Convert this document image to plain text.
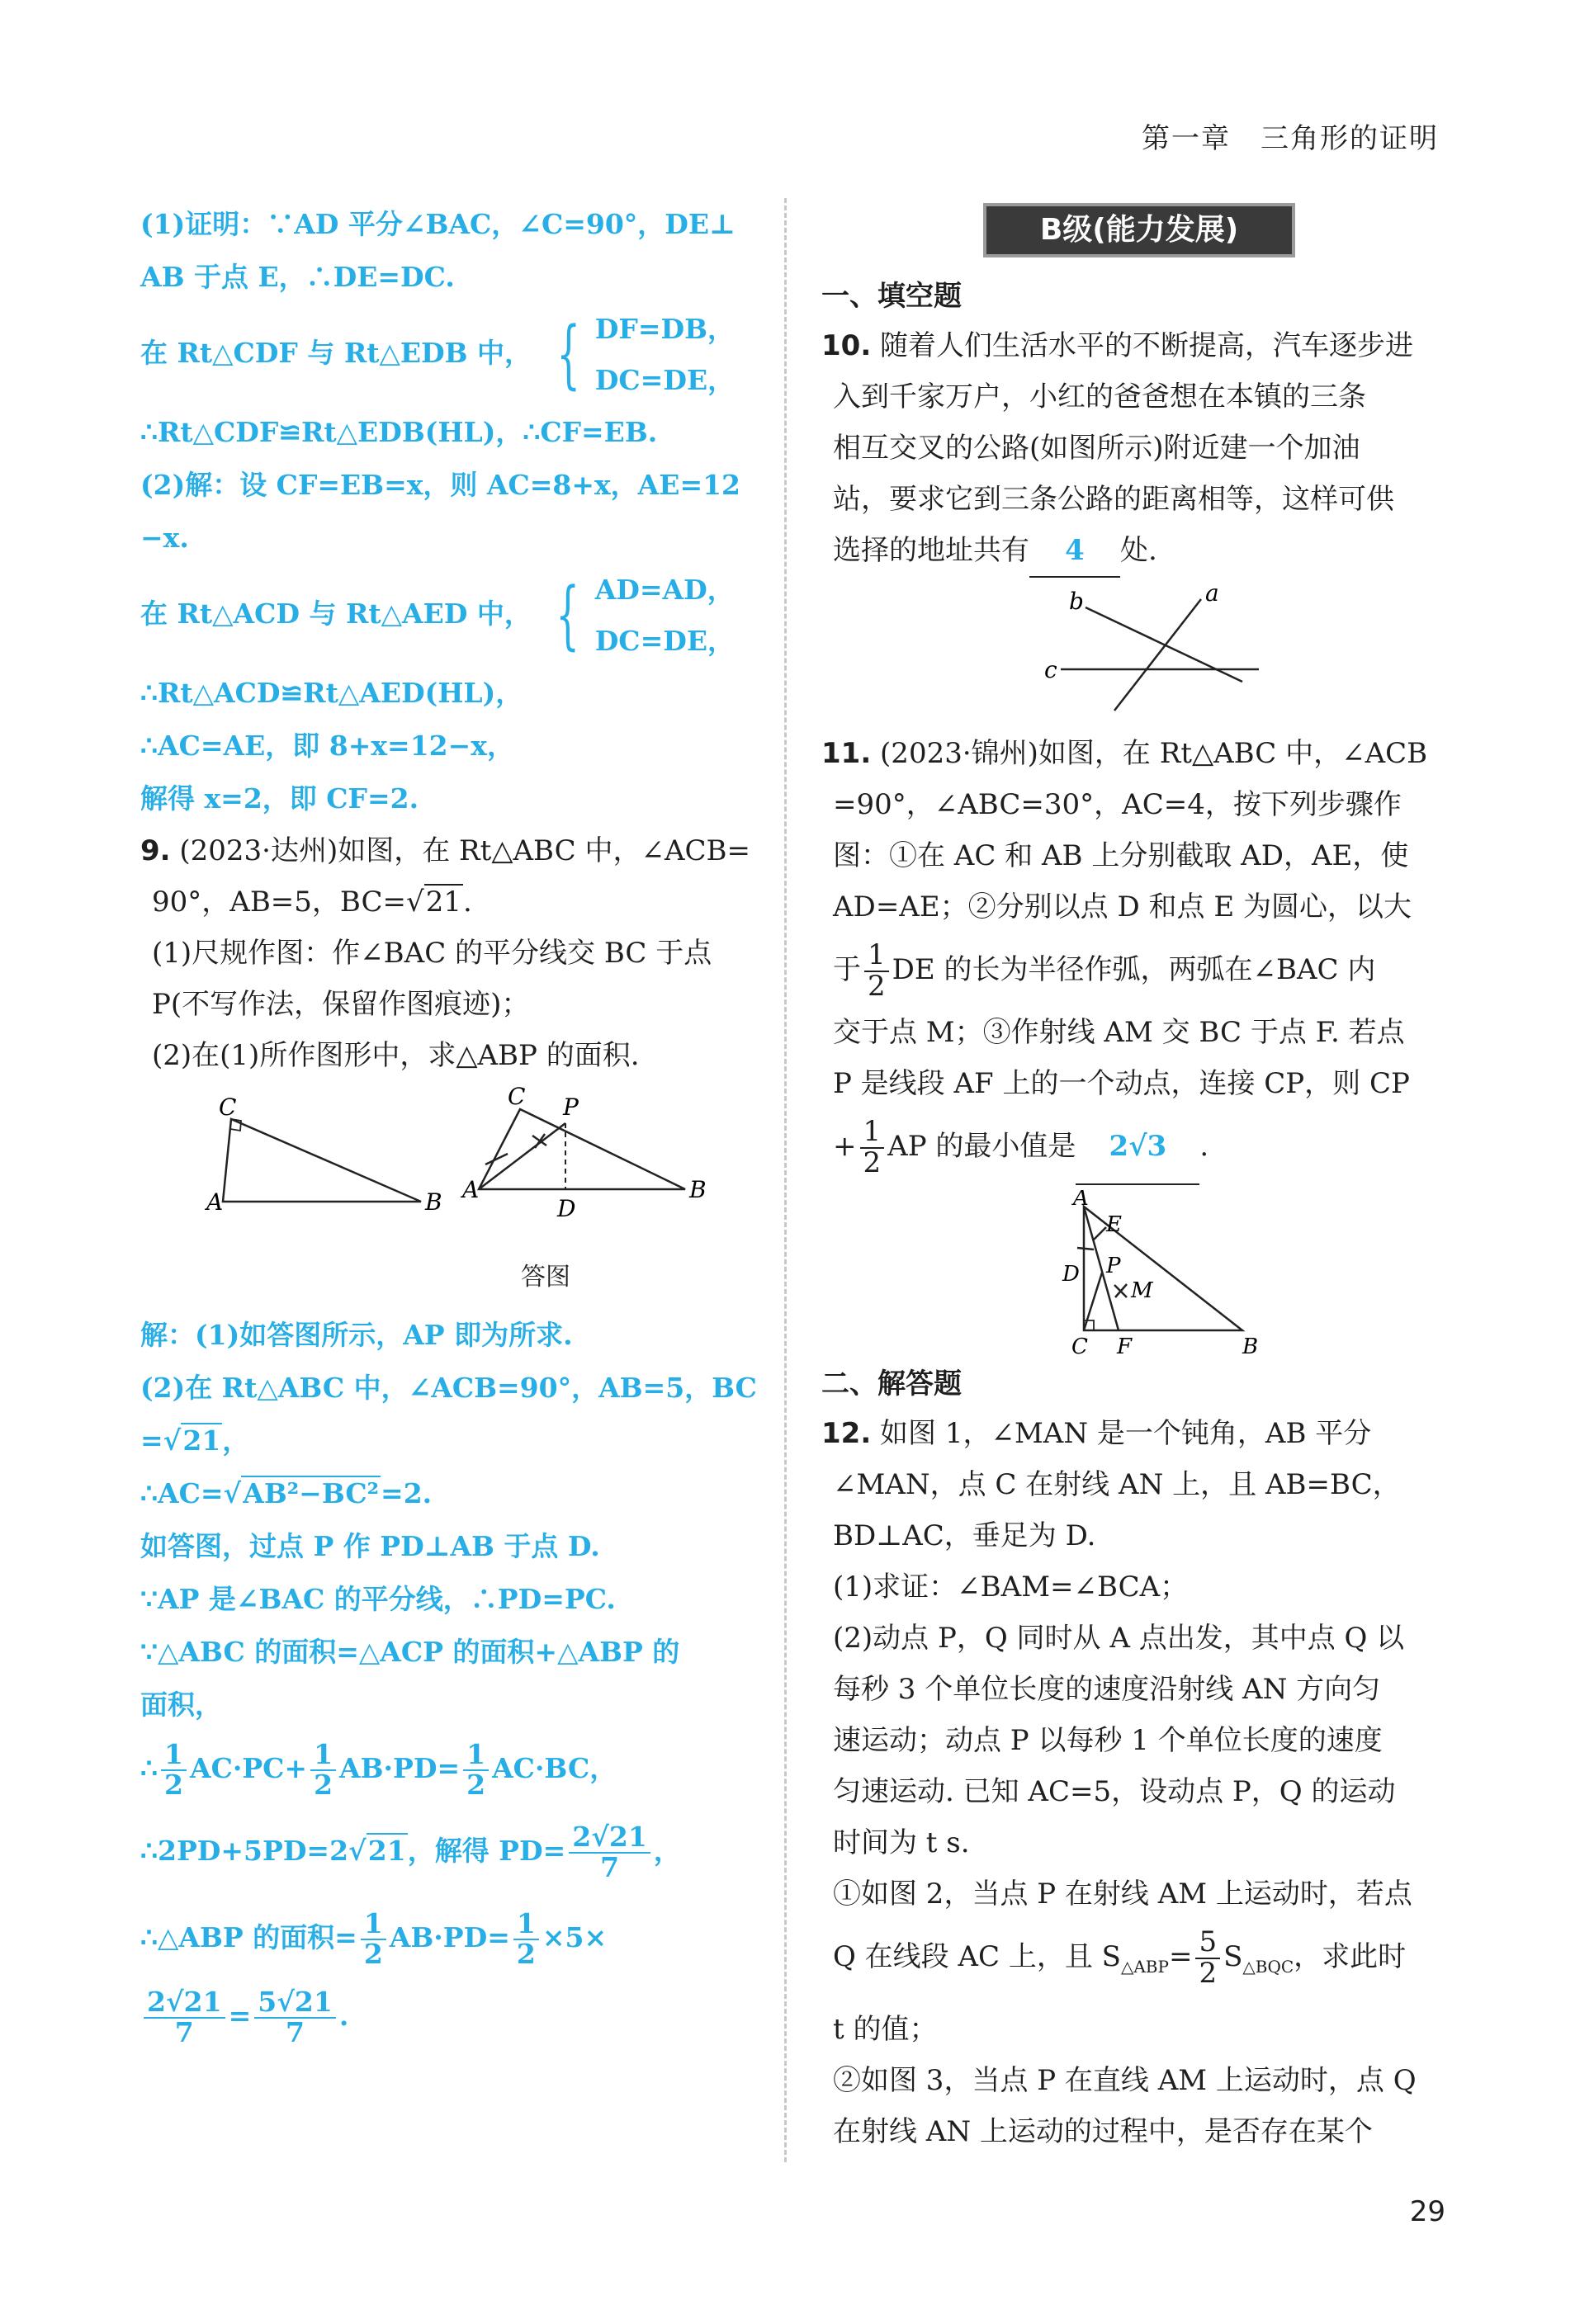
第一章　三角形的证明
(1)证明：∵AD 平分∠BAC，∠C=90°，DE⊥
AB 于点 E，∴DE=DC.
在 Rt△CDF 与 Rt△EDB 中， { DF=DB，
DC=DE，
∴Rt△CDF≌Rt△EDB(HL)，∴CF=EB.
(2)解：设 CF=EB=x，则 AC=8+x，AE=12
−x.
在 Rt△ACD 与 Rt△AED 中， { AD=AD，
DC=DE，
∴Rt△ACD≌Rt△AED(HL)，
∴AC=AE，即 8+x=12−x，
解得 x=2，即 CF=2.
9. (2023·达州)如图，在 Rt△ABC 中，∠ACB=
90°，AB=5，BC=√21.
(1)尺规作图：作∠BAC 的平分线交 BC 于点
P(不写作法，保留作图痕迹)；
(2)在(1)所作图形中，求△ABP 的面积.
C
A	B
C P
A
D
B
答图
解：(1)如答图所示，AP 即为所求.
(2)在 Rt△ABC 中，∠ACB=90°，AB=5，BC
=√21，
∴AC=√AB²−BC²=2.
如答图，过点 P 作 PD⊥AB 于点 D.
∵AP 是∠BAC 的平分线，∴PD=PC.
∵△ABC 的面积=△ACP 的面积+△ABP 的
面积，
∴ $\frac{1}{2} AC\cdot PC+ \frac{1}{2} AB\cdot PD= \frac{1}{2} AC\cdot BC$，
∴2PD+5PD=2√21，解得 $PD= \frac{2√21}{7}$ ，
∴△ABP 的面积= $\frac{1}{2} AB\cdot PD= \frac{1}{2} \times 5\times$
$\frac{2√21}{7} = \frac{5√21}{7}$ .
B级(能力发展)
一、填空题
10. 随着人们生活水平的不断提高，汽车逐步进
入到千家万户，小红的爸爸想在本镇的三条
相互交叉的公路(如图所示)附近建一个加油
站，要求它到三条公路的距离相等，这样可供
选择的地址共有 4 处.
b	a
c
11. (2023·锦州)如图，在 Rt△ABC 中，∠ACB
=90°，∠ABC=30°，AC=4，按下列步骤作
图：①在 AC 和 AB 上分别截取 AD，AE，使
AD=AE；②分别以点 D 和点 E 为圆心，以大
于 $\frac{1}{2}$ DE 的长为半径作弧，两弧在∠BAC 内
交于点 M；③作射线 AM 交 BC 于点 F. 若点
P 是线段 AF 上的一个动点，连接 CP，则 CP
+ $\frac{1}{2}$ AP 的最小值是 2√3 .
A
E
P
D
M
C F	B
二、解答题
12. 如图 1，∠MAN 是一个钝角，AB 平分
∠MAN，点 C 在射线 AN 上，且 AB=BC，
BD⊥AC，垂足为 D.
(1)求证：∠BAM=∠BCA；
(2)动点 P，Q 同时从 A 点出发，其中点 Q 以
每秒 3 个单位长度的速度沿射线 AN 方向匀
速运动；动点 P 以每秒 1 个单位长度的速度
匀速运动. 已知 AC=5，设动点 P，Q 的运动
时间为 t s.
①如图 2，当点 P 在射线 AM 上运动时，若点
Q 在线段 AC 上，且 $S_{\triangle ABP}= \frac{5}{2} S_{\triangle BQC}$，求此时
t 的值；
②如图 3，当点 P 在直线 AM 上运动时，点 Q
在射线 AN 上运动的过程中，是否存在某个
29
